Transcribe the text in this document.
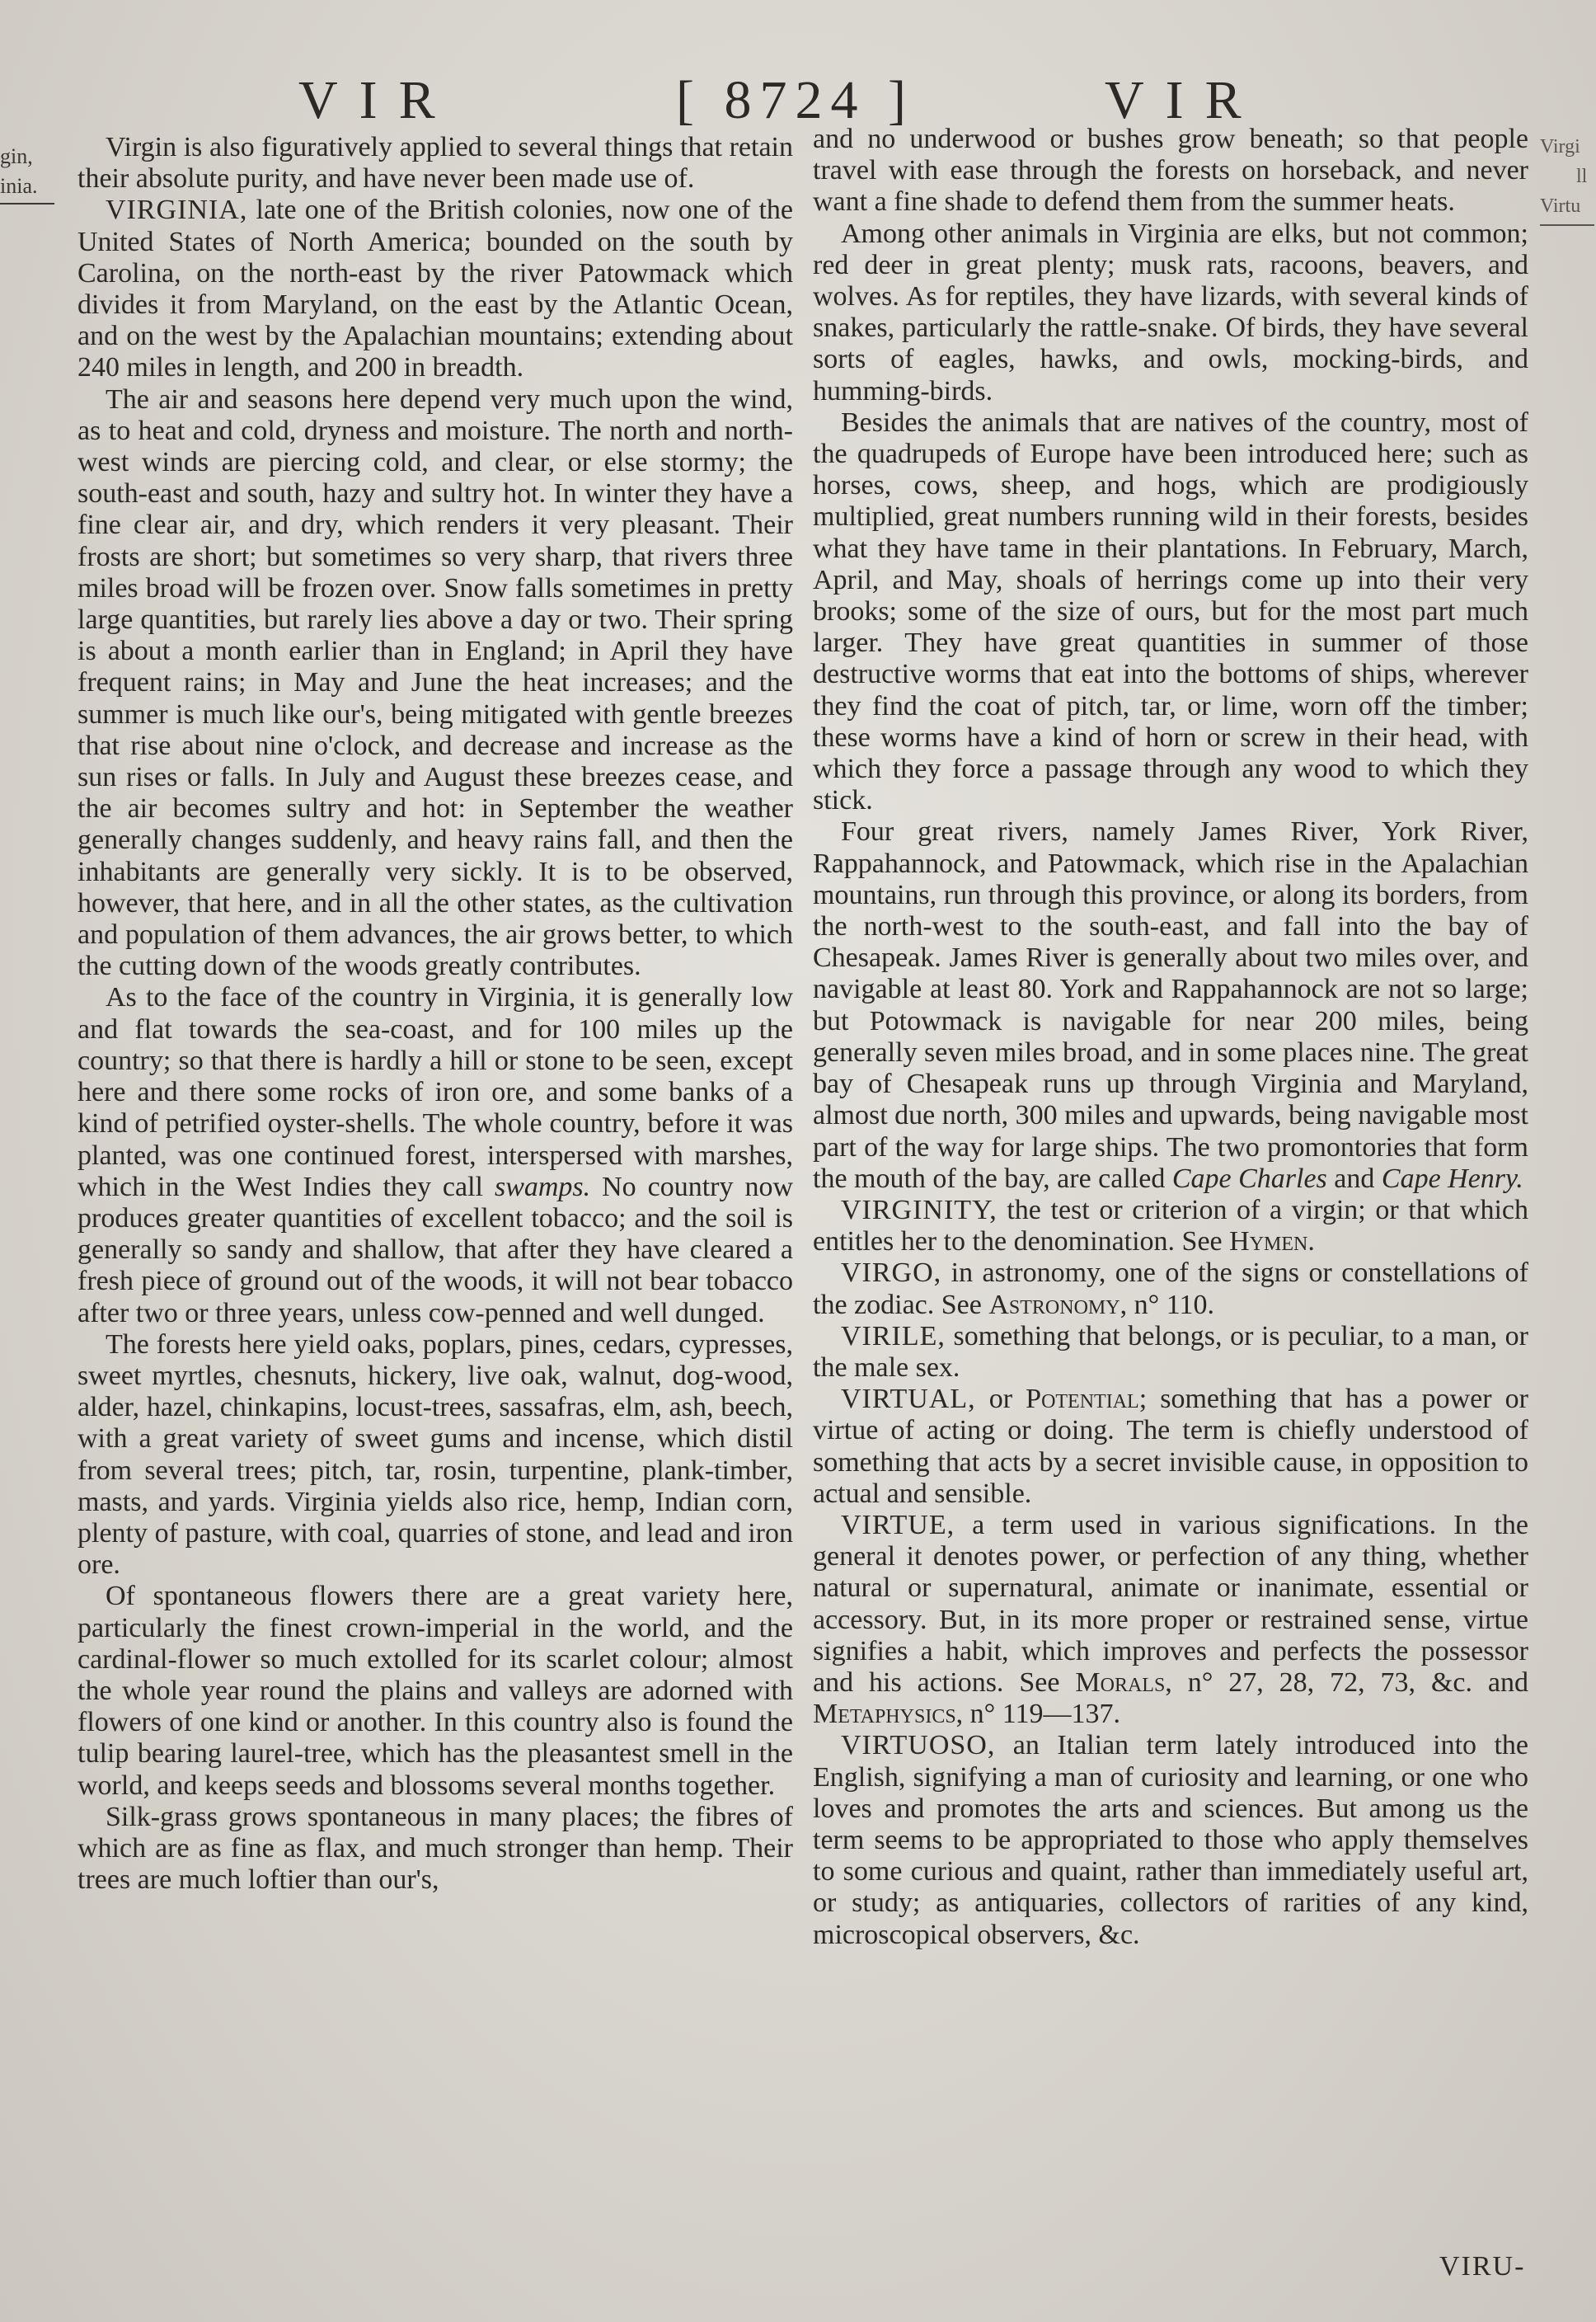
VIR	[ 8724 ]	VIR
gin,
inia.
Virgi
ll
Virtu

Virgin is also figuratively applied to several things that retain their absolute purity, and have never been made use of.

VIRGINIA, late one of the British colonies, now one of the United States of North America; bounded on the south by Carolina, on the north-east by the river Patowmack which divides it from Maryland, on the east by the Atlantic Ocean, and on the west by the Apalachian mountains; extending about 240 miles in length, and 200 in breadth.

The air and seasons here depend very much upon the wind, as to heat and cold, dryness and moisture. The north and north-west winds are piercing cold, and clear, or else stormy; the south-east and south, hazy and sultry hot. In winter they have a fine clear air, and dry, which renders it very pleasant. Their frosts are short; but sometimes so very sharp, that rivers three miles broad will be frozen over. Snow falls sometimes in pretty large quantities, but rarely lies above a day or two. Their spring is about a month earlier than in England; in April they have frequent rains; in May and June the heat increases; and the summer is much like our's, being mitigated with gentle breezes that rise about nine o'clock, and decrease and increase as the sun rises or falls. In July and August these breezes cease, and the air becomes sultry and hot: in September the weather generally changes suddenly, and heavy rains fall, and then the inhabitants are generally very sickly. It is to be observed, however, that here, and in all the other states, as the cultivation and population of them advances, the air grows better, to which the cutting down of the woods greatly contributes.

As to the face of the country in Virginia, it is generally low and flat towards the sea-coast, and for 100 miles up the country; so that there is hardly a hill or stone to be seen, except here and there some rocks of iron ore, and some banks of a kind of petrified oyster-shells. The whole country, before it was planted, was one continued forest, interspersed with marshes, which in the West Indies they call swamps. No country now produces greater quantities of excellent tobacco; and the soil is generally so sandy and shallow, that after they have cleared a fresh piece of ground out of the woods, it will not bear tobacco after two or three years, unless cow-penned and well dunged.

The forests here yield oaks, poplars, pines, cedars, cypresses, sweet myrtles, chesnuts, hickery, live oak, walnut, dog-wood, alder, hazel, chinkapins, locust-trees, sassafras, elm, ash, beech, with a great variety of sweet gums and incense, which distil from several trees; pitch, tar, rosin, turpentine, plank-timber, masts, and yards. Virginia yields also rice, hemp, Indian corn, plenty of pasture, with coal, quarries of stone, and lead and iron ore.

Of spontaneous flowers there are a great variety here, particularly the finest crown-imperial in the world, and the cardinal-flower so much extolled for its scarlet colour; almost the whole year round the plains and valleys are adorned with flowers of one kind or another. In this country also is found the tulip bearing laurel-tree, which has the pleasantest smell in the world, and keeps seeds and blossoms several months together.

Silk-grass grows spontaneous in many places; the fibres of which are as fine as flax, and much stronger than hemp. Their trees are much loftier than our's,

and no underwood or bushes grow beneath; so that people travel with ease through the forests on horseback, and never want a fine shade to defend them from the summer heats.

Among other animals in Virginia are elks, but not common; red deer in great plenty; musk rats, racoons, beavers, and wolves. As for reptiles, they have lizards, with several kinds of snakes, particularly the rattle-snake. Of birds, they have several sorts of eagles, hawks, and owls, mocking-birds, and humming-birds.

Besides the animals that are natives of the country, most of the quadrupeds of Europe have been introduced here; such as horses, cows, sheep, and hogs, which are prodigiously multiplied, great numbers running wild in their forests, besides what they have tame in their plantations. In February, March, April, and May, shoals of herrings come up into their very brooks; some of the size of ours, but for the most part much larger. They have great quantities in summer of those destructive worms that eat into the bottoms of ships, wherever they find the coat of pitch, tar, or lime, worn off the timber; these worms have a kind of horn or screw in their head, with which they force a passage through any wood to which they stick.

Four great rivers, namely James River, York River, Rappahannock, and Patowmack, which rise in the Apalachian mountains, run through this province, or along its borders, from the north-west to the south-east, and fall into the bay of Chesapeak. James River is generally about two miles over, and navigable at least 80. York and Rappahannock are not so large; but Potowmack is navigable for near 200 miles, being generally seven miles broad, and in some places nine. The great bay of Chesapeak runs up through Virginia and Maryland, almost due north, 300 miles and upwards, being navigable most part of the way for large ships. The two promontories that form the mouth of the bay, are called Cape Charles and Cape Henry.

VIRGINITY, the test or criterion of a virgin; or that which entitles her to the denomination. See Hymen.

VIRGO, in astronomy, one of the signs or constellations of the zodiac. See Astronomy, n° 110.

VIRILE, something that belongs, or is peculiar, to a man, or the male sex.

VIRTUAL, or Potential; something that has a power or virtue of acting or doing. The term is chiefly understood of something that acts by a secret invisible cause, in opposition to actual and sensible.

VIRTUE, a term used in various significations. In the general it denotes power, or perfection of any thing, whether natural or supernatural, animate or inanimate, essential or accessory. But, in its more proper or restrained sense, virtue signifies a habit, which improves and perfects the possessor and his actions. See Morals, n° 27, 28, 72, 73, &c. and Metaphysics, n° 119—137.

VIRTUOSO, an Italian term lately introduced into the English, signifying a man of curiosity and learning, or one who loves and promotes the arts and sciences. But among us the term seems to be appropriated to those who apply themselves to some curious and quaint, rather than immediately useful art, or study; as antiquaries, collectors of rarities of any kind, microscopical observers, &c.

VIRU-
